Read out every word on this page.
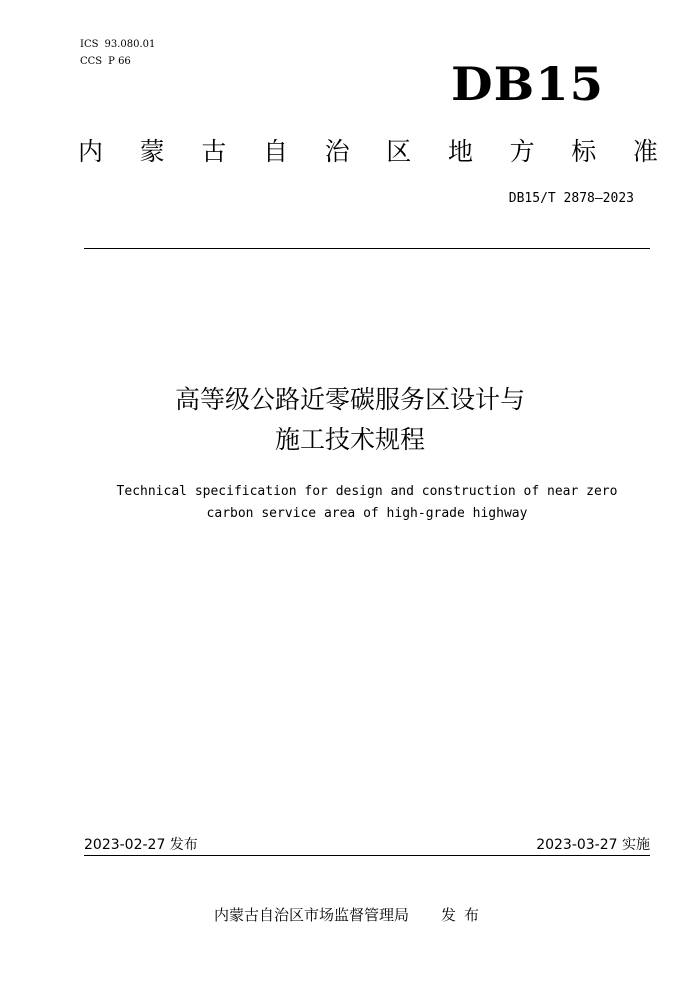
ICS 93.080.01
CCS P 66	DB15
内 蒙 古 自 治 区 地 方 标 准
DB15/T 2878—2023
高等级公路近零碳服务区设计与
施工技术规程
Technical specification for design and construction of near zero
carbon service area of high-grade highway
2023-02-27 发布	2023-03-27 实施
内蒙古自治区市场监督管理局 发布
